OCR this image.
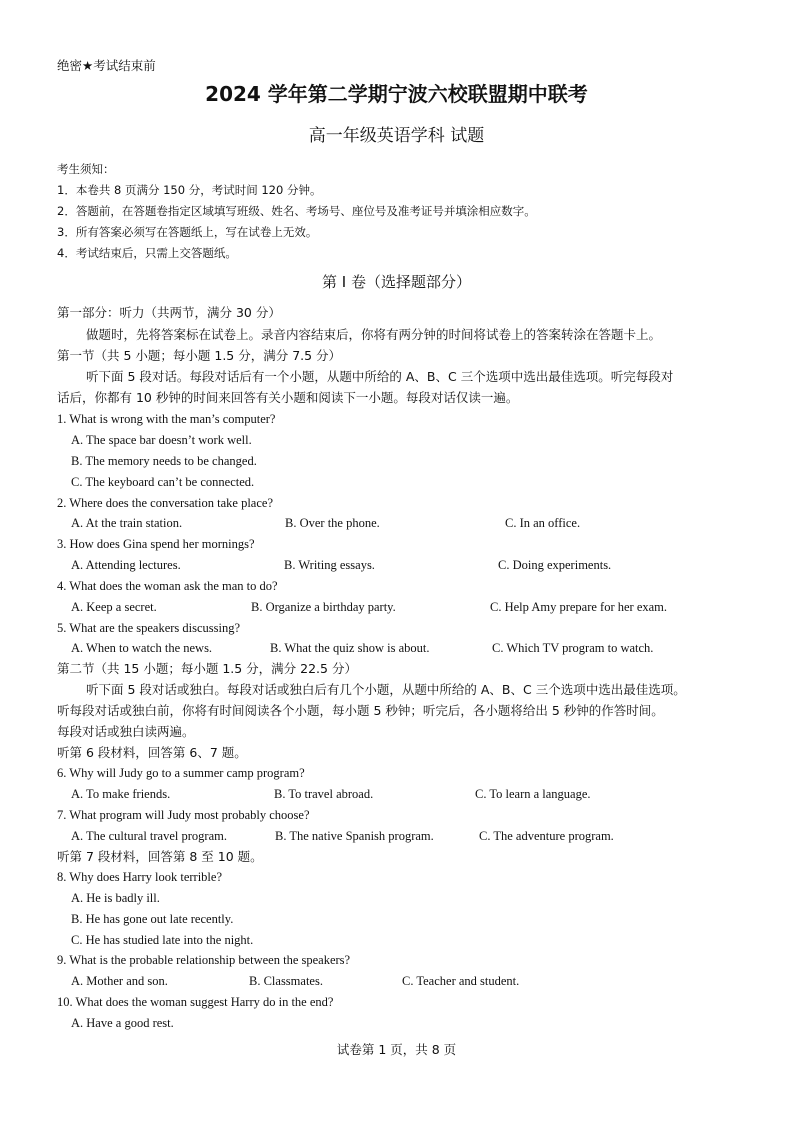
绝密★考试结束前
2024 学年第二学期宁波六校联盟期中联考
高一年级英语学科 试题
考生须知：
1．本卷共 8 页满分 150 分，考试时间 120 分钟。
2．答题前，在答题卷指定区域填写班级、姓名、考场号、座位号及准考证号并填涂相应数字。
3．所有答案必须写在答题纸上，写在试卷上无效。
4．考试结束后，只需上交答题纸。
第 I 卷（选择题部分）
第一部分：听力（共两节，满分 30 分）
做题时，先将答案标在试卷上。录音内容结束后，你将有两分钟的时间将试卷上的答案转涂在答题卡上。
第一节（共 5 小题；每小题 1.5 分，满分 7.5 分）
听下面 5 段对话。每段对话后有一个小题，从题中所给的 A、B、C 三个选项中选出最佳选项。听完每段对
话后，你都有 10 秒钟的时间来回答有关小题和阅读下一小题。每段对话仅读一遍。
1. What is wrong with the man’s computer?
A. The space bar doesn’t work well.
B. The memory needs to be changed.
C. The keyboard can’t be connected.
2. Where does the conversation take place?
A. At the train station.	B. Over the phone.	C. In an office.
3. How does Gina spend her mornings?
A. Attending lectures.	B. Writing essays.	C. Doing experiments.
4. What does the woman ask the man to do?
A. Keep a secret.	B. Organize a birthday party.	C. Help Amy prepare for her exam.
5. What are the speakers discussing?
A. When to watch the news.	B. What the quiz show is about.	C. Which TV program to watch.
第二节（共 15 小题；每小题 1.5 分，满分 22.5 分）
听下面 5 段对话或独白。每段对话或独白后有几个小题，从题中所给的 A、B、C 三个选项中选出最佳选项。
听每段对话或独白前，你将有时间阅读各个小题，每小题 5 秒钟；听完后，各小题将给出 5 秒钟的作答时间。
每段对话或独白读两遍。
听第 6 段材料，回答第 6、7 题。
6. Why will Judy go to a summer camp program?
A. To make friends.	B. To travel abroad.	C. To learn a language.
7. What program will Judy most probably choose?
A. The cultural travel program.	B. The native Spanish program.	C. The adventure program.
听第 7 段材料，回答第 8 至 10 题。
8. Why does Harry look terrible?
A. He is badly ill.
B. He has gone out late recently.
C. He has studied late into the night.
9. What is the probable relationship between the speakers?
A. Mother and son.	B. Classmates.	C. Teacher and student.
10. What does the woman suggest Harry do in the end?
A. Have a good rest.
试卷第 1 页，共 8 页
